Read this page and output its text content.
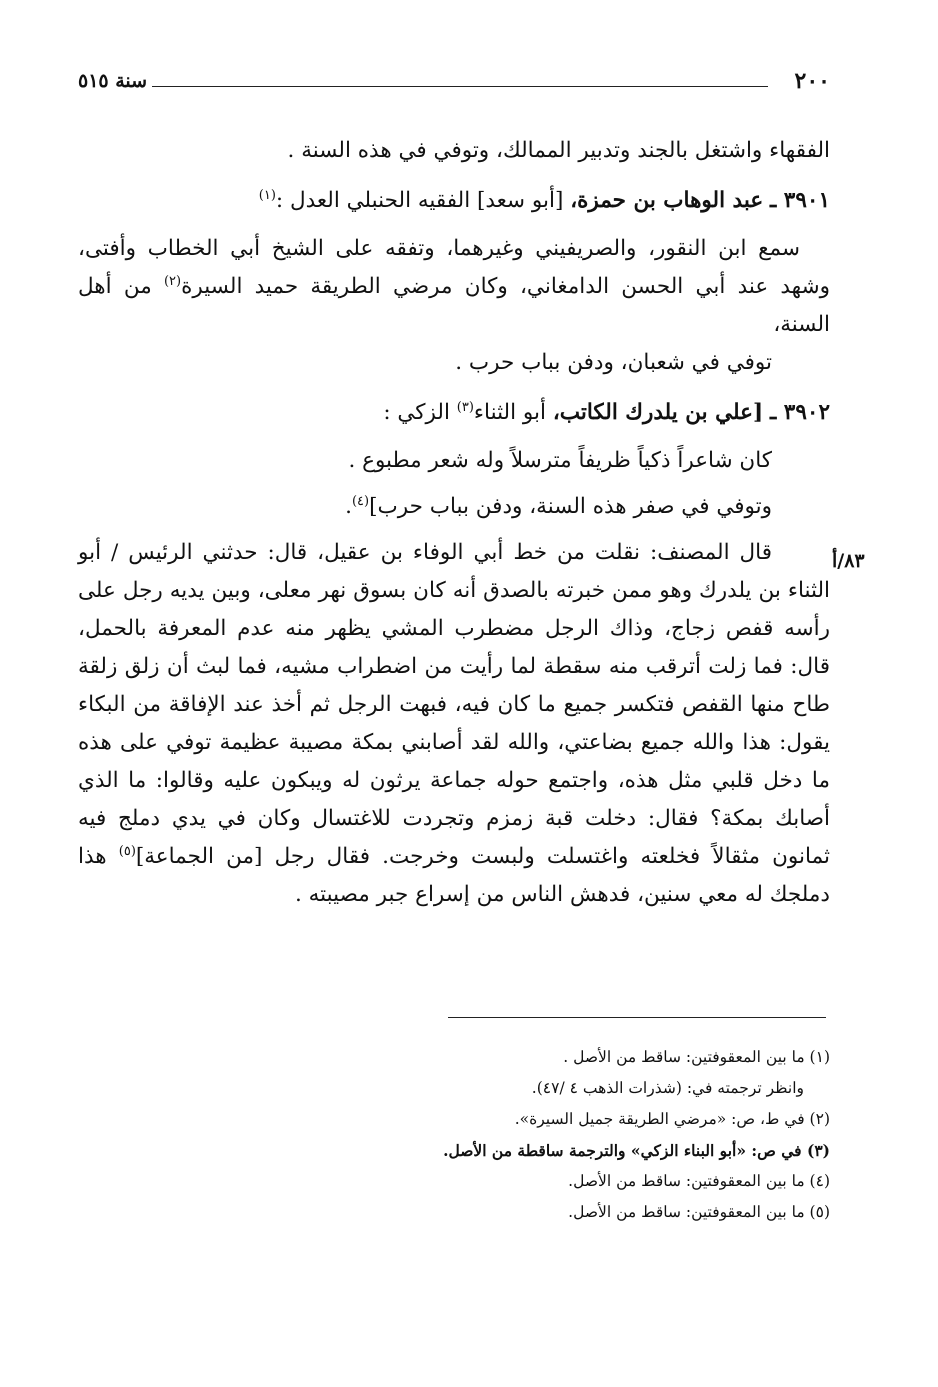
٢٠٠
سنة ٥١٥
٨٣/أ

الفقهاء واشتغل بالجند وتدبير الممالك، وتوفي في هذه السنة .

٣٩٠١ ـ عبد الوهاب بن حمزة، [أبو سعد] الفقيه الحنبلي العدل :$^{(١)}$

سمع ابن النقور، والصريفيني وغيرهما، وتفقه على الشيخ أبي الخطاب وأفتى، وشهد عند أبي الحسن الدامغاني، وكان مرضي الطريقة حميد السيرة$^{(٢)}$ من أهل السنة،

توفي في شعبان، ودفن بباب حرب .

٣٩٠٢ ـ [علي بن يلدرك الكاتب، أبو الثناء$^{(٣)}$ الزكي :

كان شاعراً ذكياً ظريفاً مترسلاً وله شعر مطبوع .

وتوفي في صفر هذه السنة، ودفن بباب حرب]$^{(٤)}$.

قال المصنف: نقلت من خط أبي الوفاء بن عقيل، قال: حدثني الرئيس / أبو الثناء بن يلدرك وهو ممن خبرته بالصدق أنه كان بسوق نهر معلى، وبين يديه رجل على رأسه قفص زجاج، وذاك الرجل مضطرب المشي يظهر منه عدم المعرفة بالحمل، قال: فما زلت أترقب منه سقطة لما رأيت من اضطراب مشيه، فما لبث أن زلق زلقة طاح منها القفص فتكسر جميع ما كان فيه، فبهت الرجل ثم أخذ عند الإفاقة من البكاء يقول: هذا والله جميع بضاعتي، والله لقد أصابني بمكة مصيبة عظيمة توفي على هذه ما دخل قلبي مثل هذه، واجتمع حوله جماعة يرثون له ويبكون عليه وقالوا: ما الذي أصابك بمكة؟ فقال: دخلت قبة زمزم وتجردت للاغتسال وكان في يدي دملج فيه ثمانون مثقالاً فخلعته واغتسلت ولبست وخرجت. فقال رجل [من الجماعة]$^{(٥)}$ هذا دملجك له معي سنين، فدهش الناس من إسراع جبر مصيبته .

(١) ما بين المعقوفتين: ساقط من الأصل .

وانظر ترجمته في: (شذرات الذهب ٤ /٤٧).

(٢) في ط، ص: «مرضي الطريقة جميل السيرة».

(٣) في ص: «أبو البناء الزكي» والترجمة ساقطة من الأصل.

(٤) ما بين المعقوفتين: ساقط من الأصل.

(٥) ما بين المعقوفتين: ساقط من الأصل.
